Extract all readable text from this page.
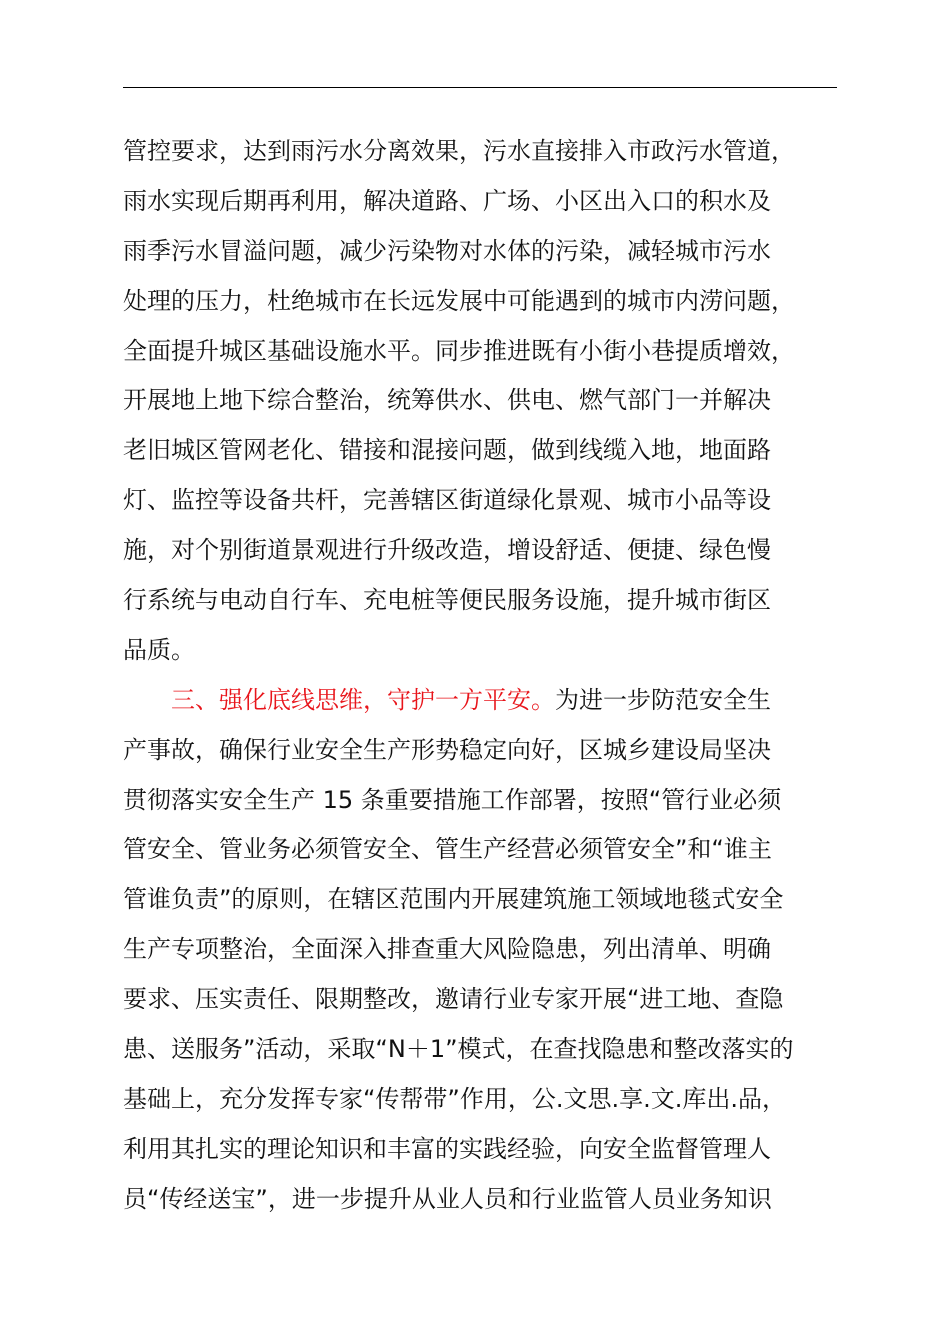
管控要求，达到雨污水分离效果，污水直接排入市政污水管道，
雨水实现后期再利用，解决道路、广场、小区出入口的积水及
雨季污水冒溢问题，减少污染物对水体的污染，减轻城市污水
处理的压力，杜绝城市在长远发展中可能遇到的城市内涝问题，
全面提升城区基础设施水平。同步推进既有小街小巷提质增效，
开展地上地下综合整治，统筹供水、供电、燃气部门一并解决
老旧城区管网老化、错接和混接问题，做到线缆入地，地面路
灯、监控等设备共杆，完善辖区街道绿化景观、城市小品等设
施，对个别街道景观进行升级改造，增设舒适、便捷、绿色慢
行系统与电动自行车、充电桩等便民服务设施，提升城市街区
品质。
三、强化底线思维，守护一方平安。为进一步防范安全生
产事故，确保行业安全生产形势稳定向好，区城乡建设局坚决
贯彻落实安全生产 15 条重要措施工作部署，按照“管行业必须
管安全、管业务必须管安全、管生产经营必须管安全”和“谁主
管谁负责”的原则，在辖区范围内开展建筑施工领域地毯式安全
生产专项整治，全面深入排查重大风险隐患，列出清单、明确
要求、压实责任、限期整改，邀请行业专家开展“进工地、查隐
患、送服务”活动，采取“N＋1”模式，在查找隐患和整改落实的
基础上，充分发挥专家“传帮带”作用，公.文思.享.文.库出.品，
利用其扎实的理论知识和丰富的实践经验，向安全监督管理人
员“传经送宝”，进一步提升从业人员和行业监管人员业务知识
